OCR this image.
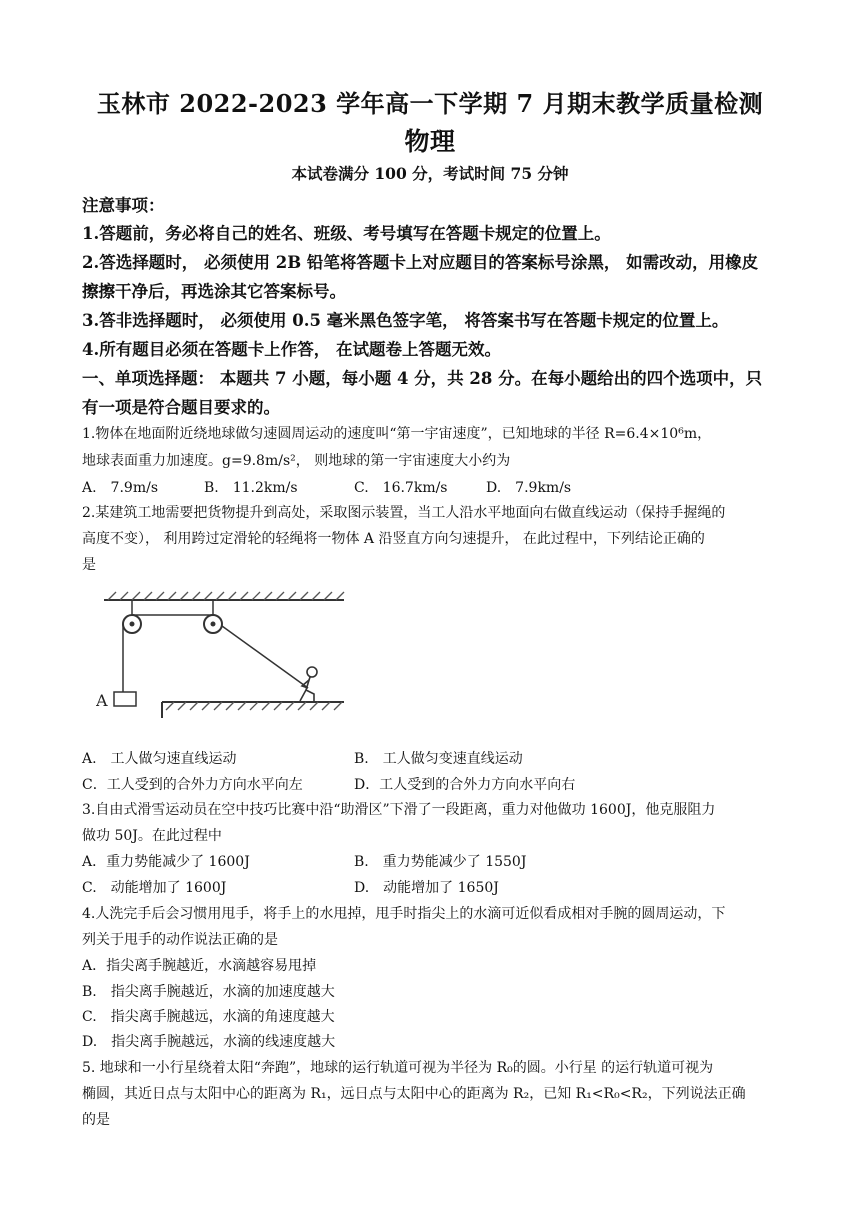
玉林市 2022-2023 学年高一下学期 7 月期末教学质量检测
物理
本试卷满分 100 分，考试时间 75 分钟
注意事项：
1.答题前，务必将自己的姓名、班级、考号填写在答题卡规定的位置上。
2.答选择题时， 必须使用 2B 铅笔将答题卡上对应题目的答案标号涂黑， 如需改动，用橡皮
擦擦干净后，再选涂其它答案标号。
3.答非选择题时， 必须使用 0.5 毫米黑色签字笔， 将答案书写在答题卡规定的位置上。
4.所有题目必须在答题卡上作答， 在试题卷上答题无效。
一、单项选择题： 本题共 7 小题，每小题 4 分，共 28 分。在每小题给出的四个选项中，只
有一项是符合题目要求的。
1.物体在地面附近绕地球做匀速圆周运动的速度叫“第一宇宙速度”，已知地球的半径 R=6.4×10⁶m，
地球表面重力加速度。g=9.8m/s²， 则地球的第一宇宙速度大小约为
A.　7.9m/s	B.　11.2km/s	C.　16.7km/s	D.　7.9km/s
2.某建筑工地需要把货物提升到高处，采取图示装置，当工人沿水平地面向右做直线运动（保持手握绳的
高度不变）， 利用跨过定滑轮的轻绳将一物体 A 沿竖直方向匀速提升， 在此过程中，下列结论正确的
是
A
A.　工人做匀速直线运动	B.　工人做匀变速直线运动
C．工人受到的合外力方向水平向左	D．工人受到的合外力方向水平向右
3.自由式滑雪运动员在空中技巧比赛中沿“助滑区”下滑了一段距离，重力对他做功 1600J，他克服阻力
做功 50J。在此过程中
A．重力势能减少了 1600J	B.　重力势能减少了 1550J
C.　动能增加了 1600J	D.　动能增加了 1650J
4.人洗完手后会习惯用甩手，将手上的水甩掉，甩手时指尖上的水滴可近似看成相对手腕的圆周运动，下
列关于甩手的动作说法正确的是
A．指尖离手腕越近，水滴越容易甩掉
B.　指尖离手腕越近，水滴的加速度越大
C.　指尖离手腕越远，水滴的角速度越大
D.　指尖离手腕越远，水滴的线速度越大
5. 地球和一小行星绕着太阳“奔跑”，地球的运行轨道可视为半径为 R₀的圆。小行星 的运行轨道可视为
椭圆，其近日点与太阳中心的距离为 R₁，远日点与太阳中心的距离为 R₂，已知 R₁<R₀<R₂，下列说法正确
的是
